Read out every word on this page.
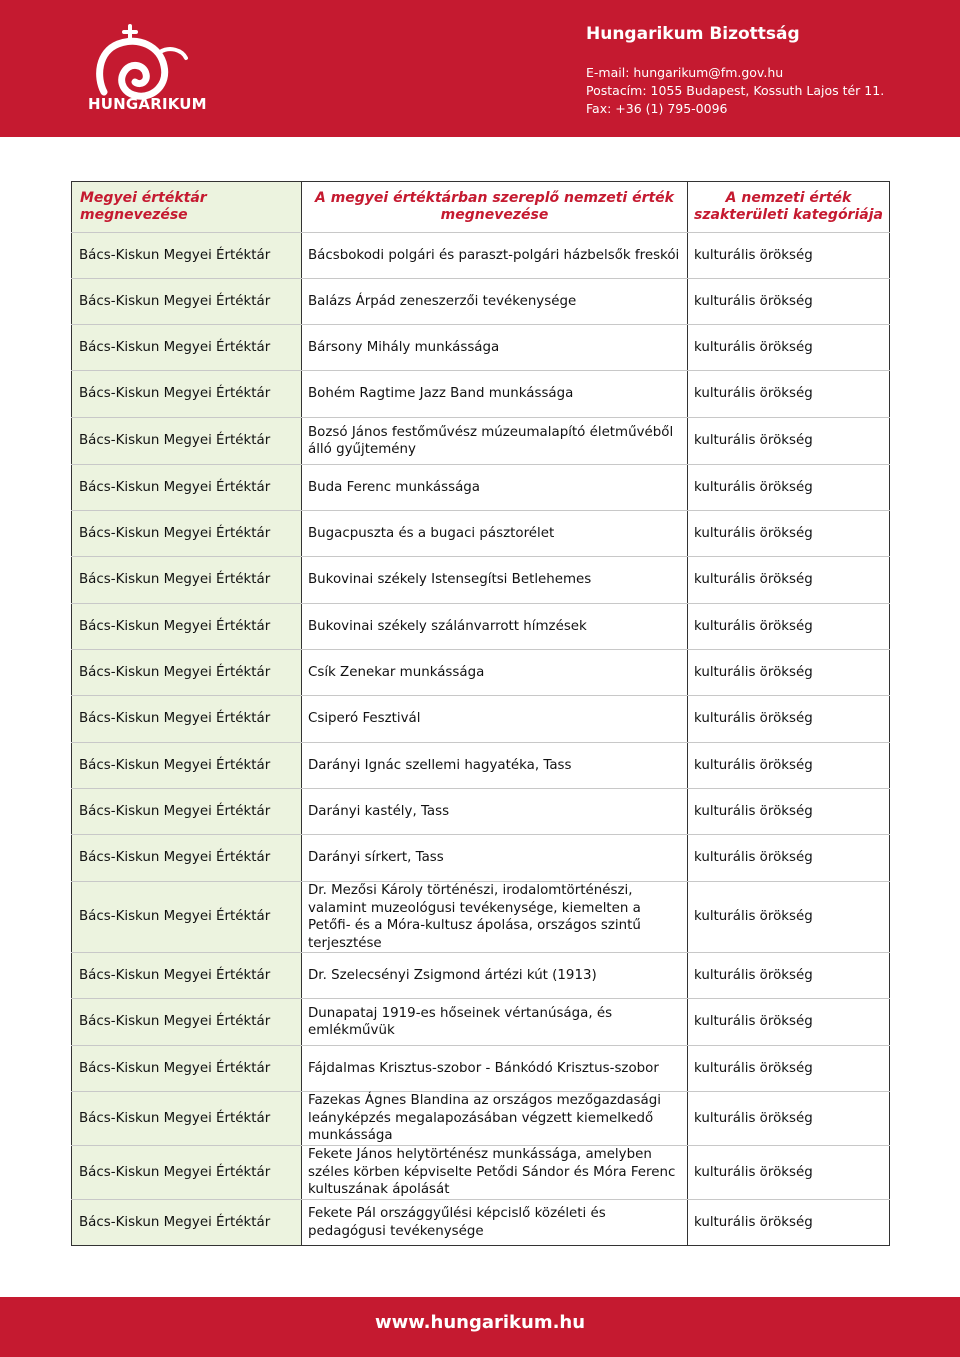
HUNGARIKUM
Hungarikum Bizottság
E-mail: hungarikum@fm.gov.hu
Postacím: 1055 Budapest, Kossuth Lajos tér 11.
Fax: +36 (1) 795-0096
Megyei értéktár megnevezése	A megyei értéktárban szereplő nemzeti érték megnevezése	A nemzeti érték szakterületi kategóriája
Bács-Kiskun Megyei Értéktár	Bácsbokodi polgári és paraszt-polgári házbelsők freskói	kulturális örökség
Bács-Kiskun Megyei Értéktár	Balázs Árpád zeneszerzői tevékenysége	kulturális örökség
Bács-Kiskun Megyei Értéktár	Bársony Mihály munkássága	kulturális örökség
Bács-Kiskun Megyei Értéktár	Bohém Ragtime Jazz Band munkássága	kulturális örökség
Bács-Kiskun Megyei Értéktár	Bozsó János festőművész múzeumalapító életművéből álló gyűjtemény	kulturális örökség
Bács-Kiskun Megyei Értéktár	Buda Ferenc munkássága	kulturális örökség
Bács-Kiskun Megyei Értéktár	Bugacpuszta és a bugaci pásztorélet	kulturális örökség
Bács-Kiskun Megyei Értéktár	Bukovinai székely Istensegítsi Betlehemes	kulturális örökség
Bács-Kiskun Megyei Értéktár	Bukovinai székely szálánvarrott hímzések	kulturális örökség
Bács-Kiskun Megyei Értéktár	Csík Zenekar munkássága	kulturális örökség
Bács-Kiskun Megyei Értéktár	Csiperó Fesztivál	kulturális örökség
Bács-Kiskun Megyei Értéktár	Darányi Ignác szellemi hagyatéka, Tass	kulturális örökség
Bács-Kiskun Megyei Értéktár	Darányi kastély, Tass	kulturális örökség
Bács-Kiskun Megyei Értéktár	Darányi sírkert, Tass	kulturális örökség
Bács-Kiskun Megyei Értéktár	Dr. Mezősi Károly történészi, irodalomtörténészi, valamint muzeológusi tevékenysége, kiemelten a Petőfi- és a Móra-kultusz ápolása, országos szintű terjesztése	kulturális örökség
Bács-Kiskun Megyei Értéktár	Dr. Szelecsényi Zsigmond ártézi kút (1913)	kulturális örökség
Bács-Kiskun Megyei Értéktár	Dunapataj 1919-es hőseinek vértanúsága, és emlékművük	kulturális örökség
Bács-Kiskun Megyei Értéktár	Fájdalmas Krisztus-szobor - Bánkódó Krisztus-szobor	kulturális örökség
Bács-Kiskun Megyei Értéktár	Fazekas Ágnes Blandina az országos mezőgazdasági leányképzés megalapozásában végzett kiemelkedő munkássága	kulturális örökség
Bács-Kiskun Megyei Értéktár	Fekete János helytörténész munkássága, amelyben széles körben képviselte Petődi Sándor és Móra Ferenc kultuszának ápolását	kulturális örökség
Bács-Kiskun Megyei Értéktár	Fekete Pál országgyűlési képcislő közéleti és pedagógusi tevékenysége	kulturális örökség
www.hungarikum.hu
